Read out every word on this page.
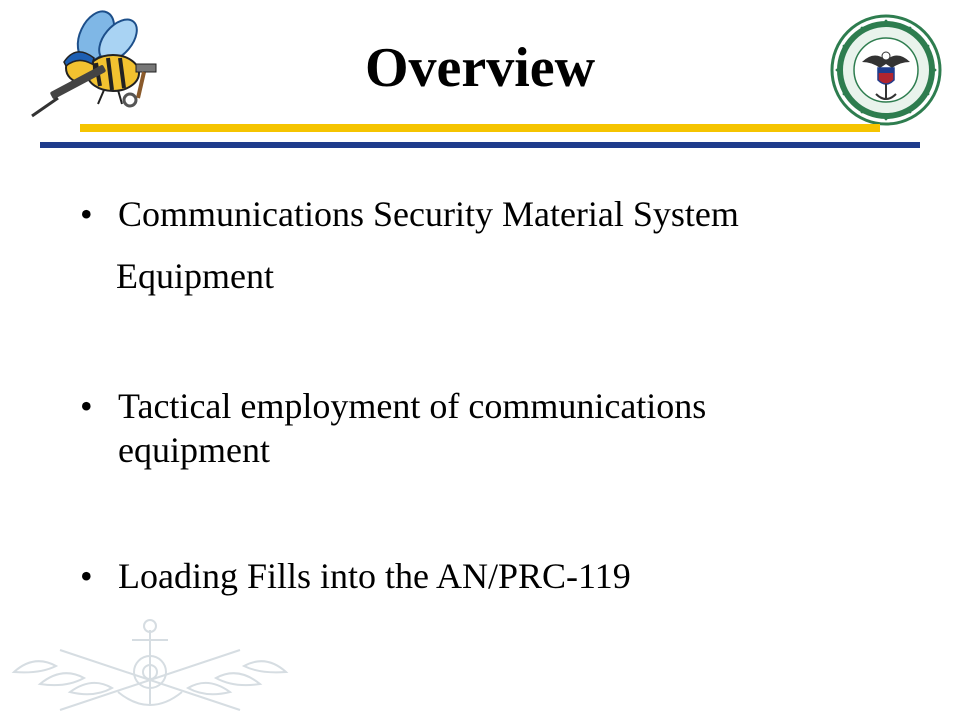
Overview
• Communications Security Material System
Equipment
• Tactical employment of communications
equipment
• Loading Fills into the AN/PRC-119
